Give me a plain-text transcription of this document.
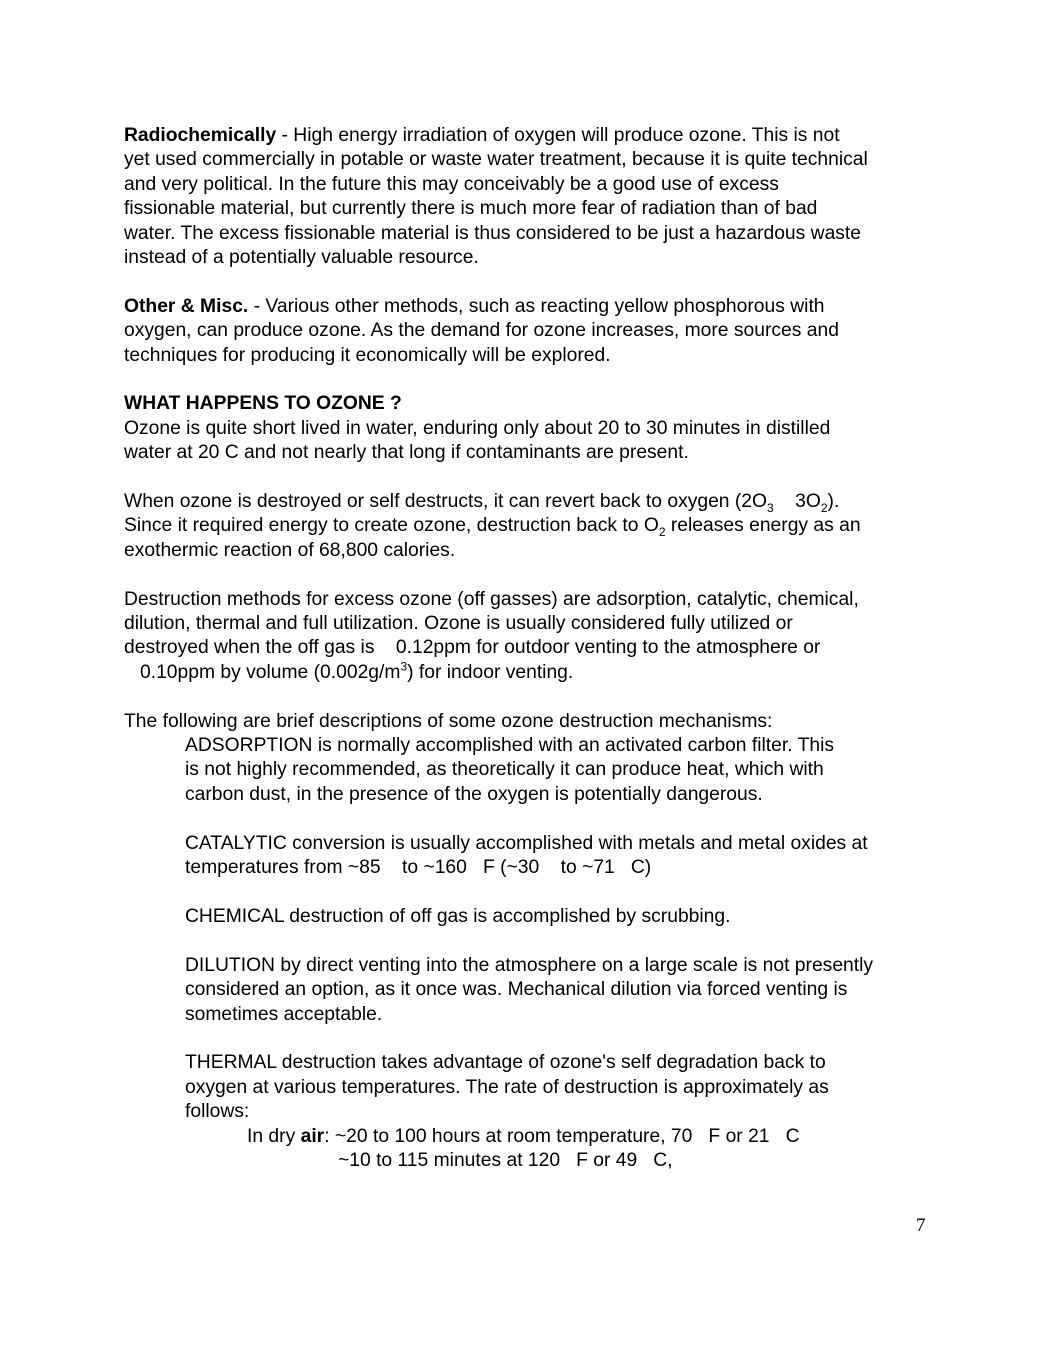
Radiochemically - High energy irradiation of oxygen will produce ozone. This is not
yet used commercially in potable or waste water treatment, because it is quite technical
and very political. In the future this may conceivably be a good use of excess
fissionable material, but currently there is much more fear of radiation than of bad
water. The excess fissionable material is thus considered to be just a hazardous waste
instead of a potentially valuable resource.

Other & Misc. - Various other methods, such as reacting yellow phosphorous with
oxygen, can produce ozone. As the demand for ozone increases, more sources and
techniques for producing it economically will be explored.

WHAT HAPPENS TO OZONE ?
Ozone is quite short lived in water, enduring only about 20 to 30 minutes in distilled
water at 20 C and not nearly that long if contaminants are present.

When ozone is destroyed or self destructs, it can revert back to oxygen ($2O_3$    $3O_2$).
Since it required energy to create ozone, destruction back to $O_2$ releases energy as an
exothermic reaction of 68,800 calories.

Destruction methods for excess ozone (off gasses) are adsorption, catalytic, chemical,
dilution, thermal and full utilization. Ozone is usually considered fully utilized or
destroyed when the off gas is    0.12ppm for outdoor venting to the atmosphere or
0.10ppm by volume $(0.002g/m^3)$ for indoor venting.

The following are brief descriptions of some ozone destruction mechanisms:

ADSORPTION is normally accomplished with an activated carbon filter. This
is not highly recommended, as theoretically it can produce heat, which with
carbon dust, in the presence of the oxygen is potentially dangerous.

CATALYTIC conversion is usually accomplished with metals and metal oxides at
temperatures from ~85    to ~160   F (~30    to ~71   C)

CHEMICAL destruction of off gas is accomplished by scrubbing.

DILUTION by direct venting into the atmosphere on a large scale is not presently
considered an option, as it once was. Mechanical dilution via forced venting is
sometimes acceptable.

THERMAL destruction takes advantage of ozone's self degradation back to
oxygen at various temperatures. The rate of destruction is approximately as
follows:

In dry air: ~20 to 100 hours at room temperature, 70   F or 21   C

~10 to 115 minutes at 120   F or 49   C,

7
